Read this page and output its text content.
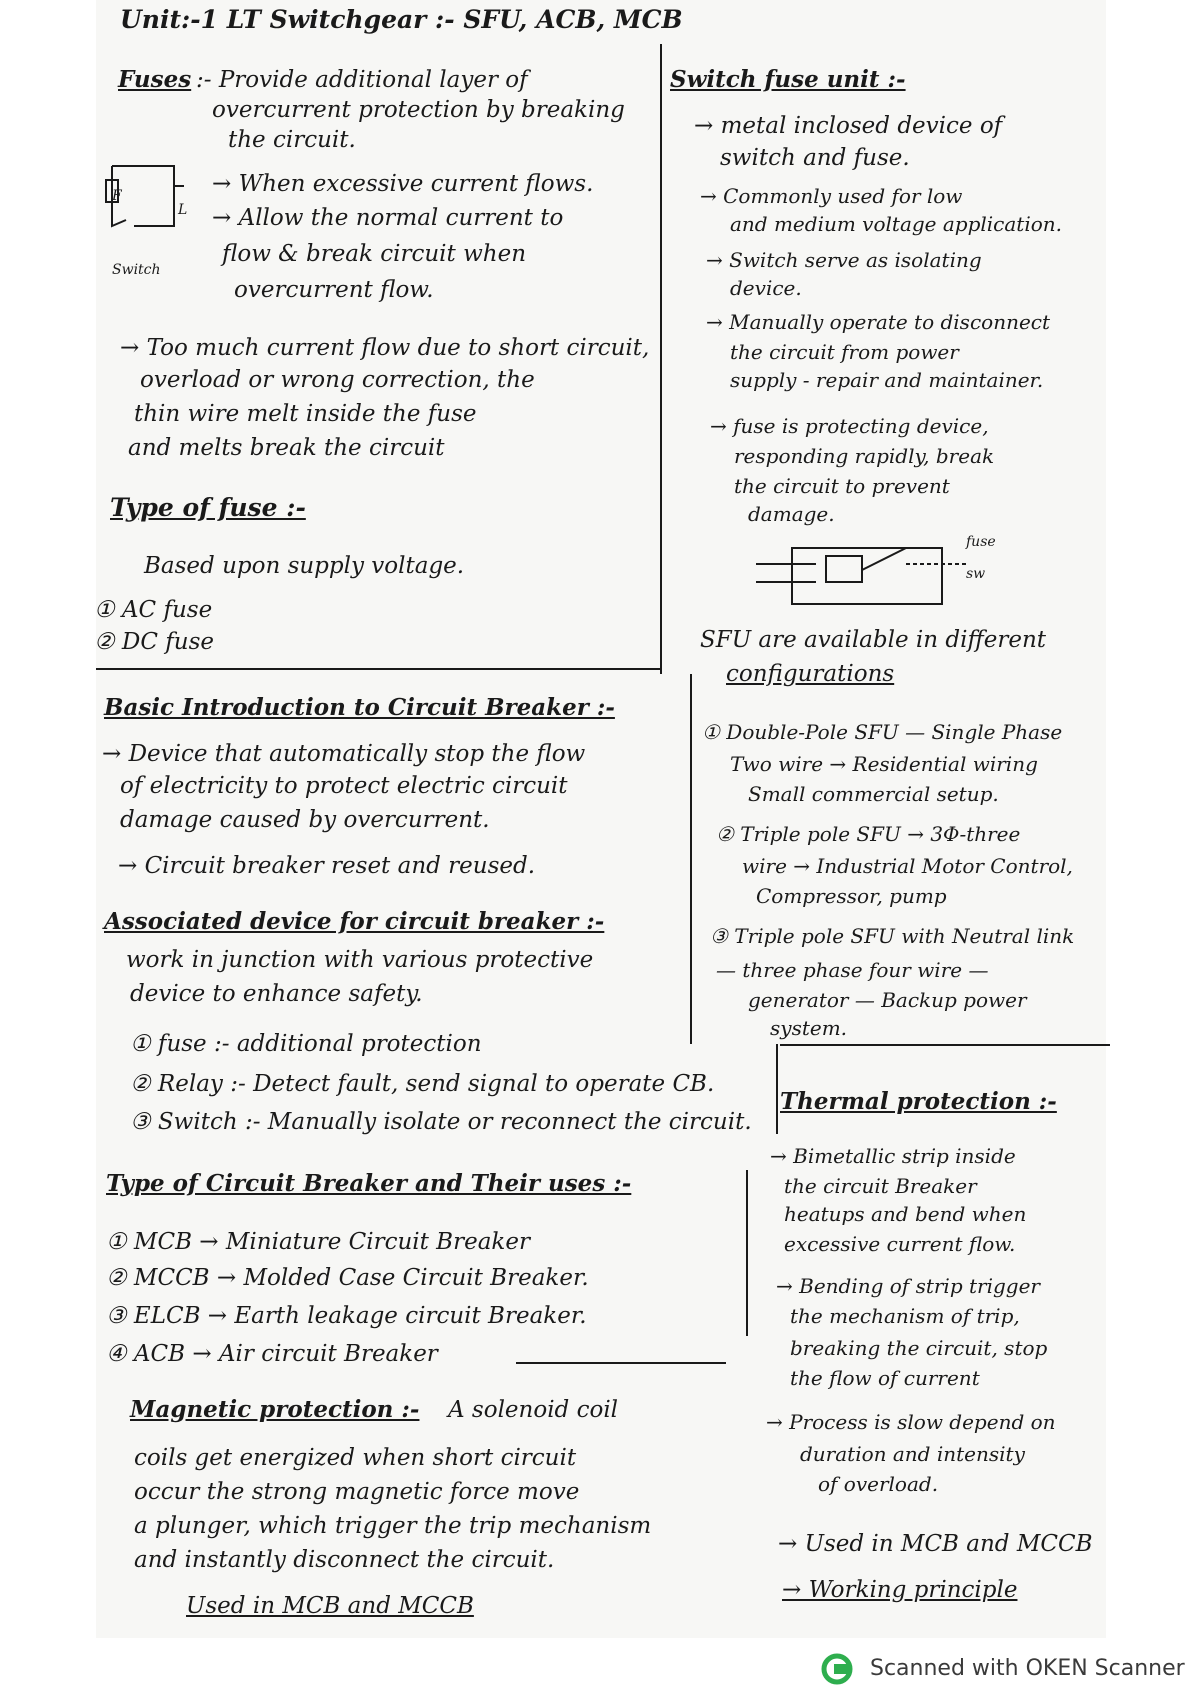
Unit:-1 LT Switchgear :- SFU, ACB, MCB
Fuses :- Provide additional layer of
overcurrent protection by breaking
the circuit.
F
L
Switch
→ When excessive current flows.
→ Allow the normal current to
flow & break circuit when
overcurrent flow.
→ Too much current flow due to short circuit,
overload or wrong correction, the
thin wire melt inside the fuse
and melts break the circuit
Type of fuse :-
Based upon supply voltage.
① AC fuse
② DC fuse
Basic Introduction to Circuit Breaker :-
→ Device that automatically stop the flow
of electricity to protect electric circuit
damage caused by overcurrent.
→ Circuit breaker reset and reused.
Associated device for circuit breaker :-
work in junction with various protective
device to enhance safety.
① fuse :- additional protection
② Relay :- Detect fault, send signal to operate CB.
③ Switch :- Manually isolate or reconnect the circuit.
Type of Circuit Breaker and Their uses :-
① MCB → Miniature Circuit Breaker
② MCCB → Molded Case Circuit Breaker.
③ ELCB → Earth leakage circuit Breaker.
④ ACB → Air circuit Breaker
Magnetic protection :- A solenoid coil
coils get energized when short circuit
occur the strong magnetic force move
a plunger, which trigger the trip mechanism
and instantly disconnect the circuit.
Used in MCB and MCCB
Switch fuse unit :-
→ metal inclosed device of
switch and fuse.
→ Commonly used for low
and medium voltage application.
→ Switch serve as isolating
device.
→ Manually operate to disconnect
the circuit from power
supply - repair and maintainer.
→ fuse is protecting device,
responding rapidly, break
the circuit to prevent
damage.
fuse
sw
SFU are available in different
configurations
① Double-Pole SFU — Single Phase
Two wire → Residential wiring
Small commercial setup.
② Triple pole SFU → 3Φ-three
wire → Industrial Motor Control,
Compressor, pump
③ Triple pole SFU with Neutral link
— three phase four wire —
generator — Backup power
system.
Thermal protection :-
→ Bimetallic strip inside
the circuit Breaker
heatups and bend when
excessive current flow.
→ Bending of strip trigger
the mechanism of trip,
breaking the circuit, stop
the flow of current
→ Process is slow depend on
duration and intensity
of overload.
→ Used in MCB and MCCB
→ Working principle
Scanned with OKEN Scanner
